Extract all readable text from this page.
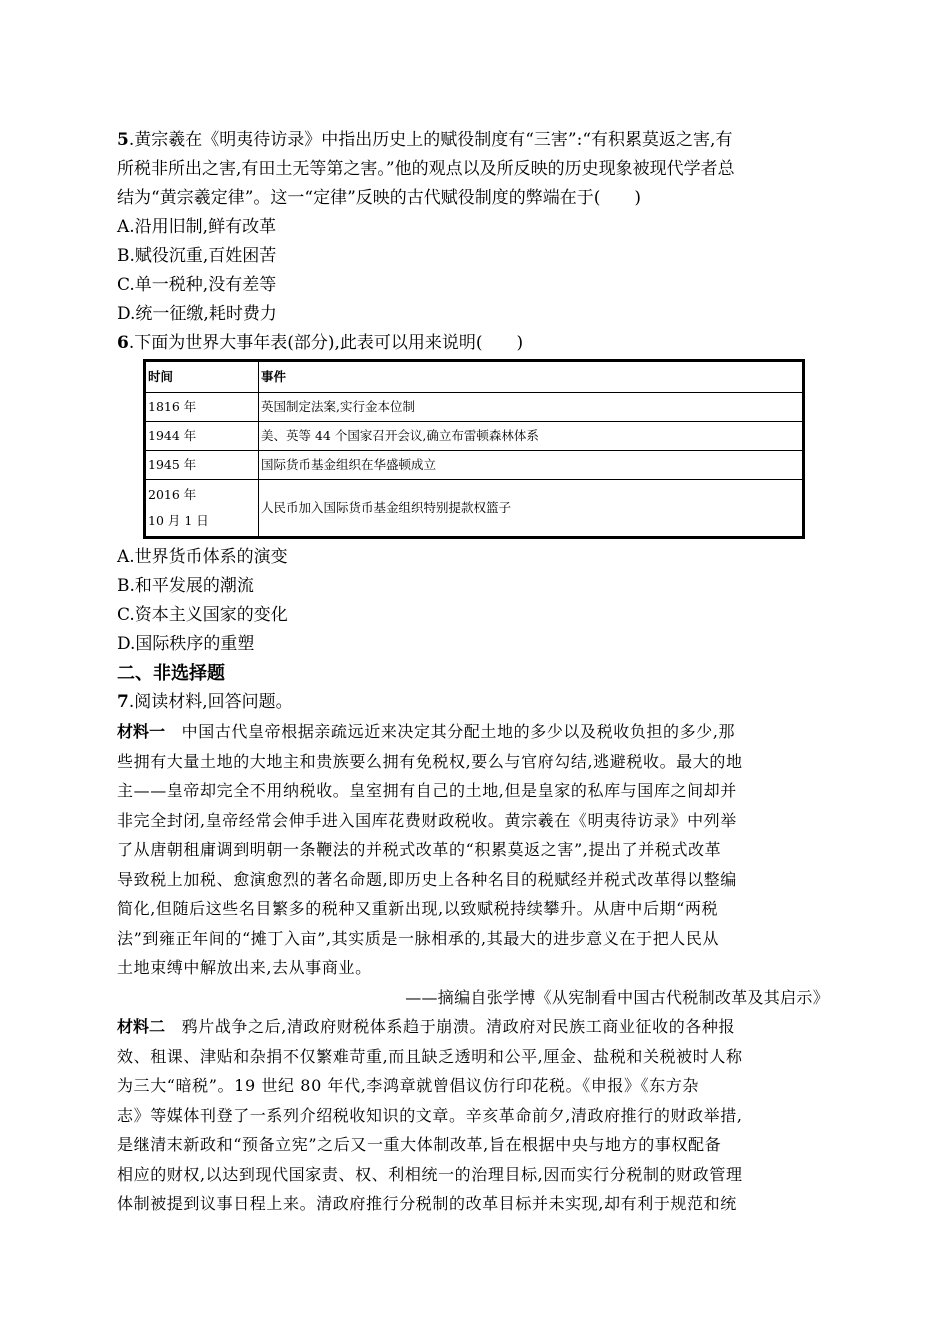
5.黄宗羲在《明夷待访录》中指出历史上的赋役制度有“三害”:“有积累莫返之害,有
所税非所出之害,有田土无等第之害。”他的观点以及所反映的历史现象被现代学者总
结为“黄宗羲定律”。这一“定律”反映的古代赋役制度的弊端在于(　　)
A.沿用旧制,鲜有改革
B.赋役沉重,百姓困苦
C.单一税种,没有差等
D.统一征缴,耗时费力
6.下面为世界大事年表(部分),此表可以用来说明(　　)
时间	事件
1816 年	英国制定法案,实行金本位制
1944 年	美、英等 44 个国家召开会议,确立布雷顿森林体系
1945 年	国际货币基金组织在华盛顿成立

2016 年
10 月 1 日	人民币加入国际货币基金组织特别提款权篮子
A.世界货币体系的演变
B.和平发展的潮流
C.资本主义国家的变化
D.国际秩序的重塑
二、非选择题
7.阅读材料,回答问题。
材料一　中国古代皇帝根据亲疏远近来决定其分配土地的多少以及税收负担的多少,那
些拥有大量土地的大地主和贵族要么拥有免税权,要么与官府勾结,逃避税收。最大的地
主——皇帝却完全不用纳税收。皇室拥有自己的土地,但是皇家的私库与国库之间却并
非完全封闭,皇帝经常会伸手进入国库花费财政税收。黄宗羲在《明夷待访录》中列举
了从唐朝租庸调到明朝一条鞭法的并税式改革的“积累莫返之害”,提出了并税式改革
导致税上加税、愈演愈烈的著名命题,即历史上各种名目的税赋经并税式改革得以整编
简化,但随后这些名目繁多的税种又重新出现,以致赋税持续攀升。从唐中后期“两税
法”到雍正年间的“摊丁入亩”,其实质是一脉相承的,其最大的进步意义在于把人民从
土地束缚中解放出来,去从事商业。
——摘编自张学博《从宪制看中国古代税制改革及其启示》
材料二　鸦片战争之后,清政府财税体系趋于崩溃。清政府对民族工商业征收的各种报
效、租课、津贴和杂捐不仅繁难苛重,而且缺乏透明和公平,厘金、盐税和关税被时人称
为三大“暗税”。19 世纪 80 年代,李鸿章就曾倡议仿行印花税。《申报》《东方杂
志》等媒体刊登了一系列介绍税收知识的文章。辛亥革命前夕,清政府推行的财政举措,
是继清末新政和“预备立宪”之后又一重大体制改革,旨在根据中央与地方的事权配备
相应的财权,以达到现代国家责、权、利相统一的治理目标,因而实行分税制的财政管理
体制被提到议事日程上来。清政府推行分税制的改革目标并未实现,却有利于规范和统
